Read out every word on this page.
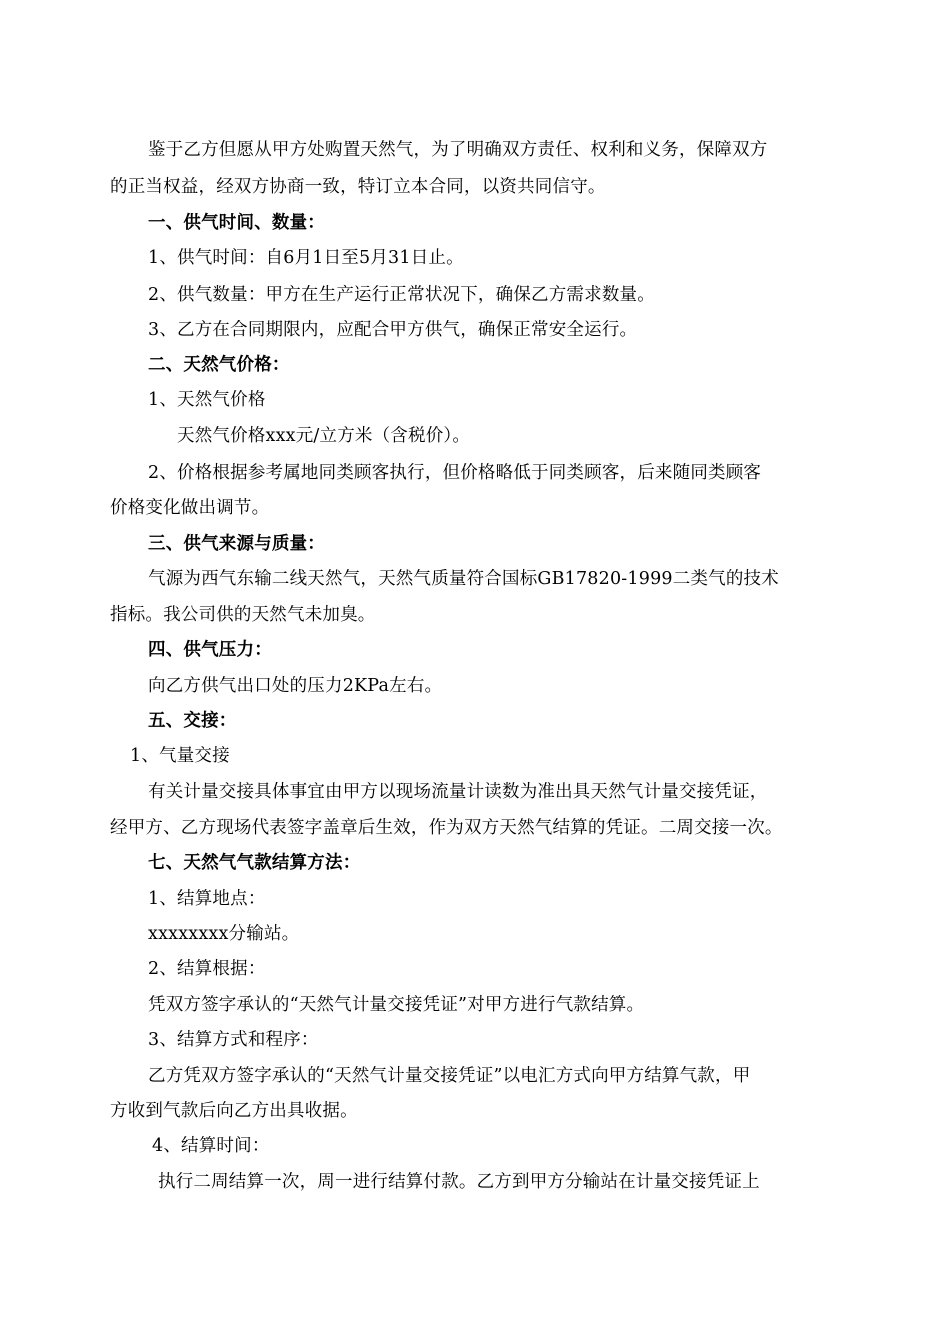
鉴于乙方但愿从甲方处购置天然气，为了明确双方责任、权利和义务，保障双方
的正当权益，经双方协商一致，特订立本合同，以资共同信守。
一、供气时间、数量：
1、供气时间：自6月1日至5月31日止。
2、供气数量：甲方在生产运行正常状况下，确保乙方需求数量。
3、乙方在合同期限内，应配合甲方供气，确保正常安全运行。
二、天然气价格：
1、天然气价格
天然气价格xxx元/立方米（含税价）。
2、价格根据参考属地同类顾客执行，但价格略低于同类顾客，后来随同类顾客
价格变化做出调节。
三、供气来源与质量：
气源为西气东输二线天然气，天然气质量符合国标GB17820-1999二类气的技术
指标。我公司供的天然气未加臭。
四、供气压力：
向乙方供气出口处的压力2KPa左右。
五、交接：
1、气量交接
有关计量交接具体事宜由甲方以现场流量计读数为准出具天然气计量交接凭证，
经甲方、乙方现场代表签字盖章后生效，作为双方天然气结算的凭证。二周交接一次。
七、天然气气款结算方法：
1、结算地点：
xxxxxxxx分输站。
2、结算根据：
凭双方签字承认的“天然气计量交接凭证”对甲方进行气款结算。
3、结算方式和程序：
乙方凭双方签字承认的“天然气计量交接凭证”以电汇方式向甲方结算气款，甲
方收到气款后向乙方出具收据。
4、结算时间：
执行二周结算一次，周一进行结算付款。乙方到甲方分输站在计量交接凭证上
